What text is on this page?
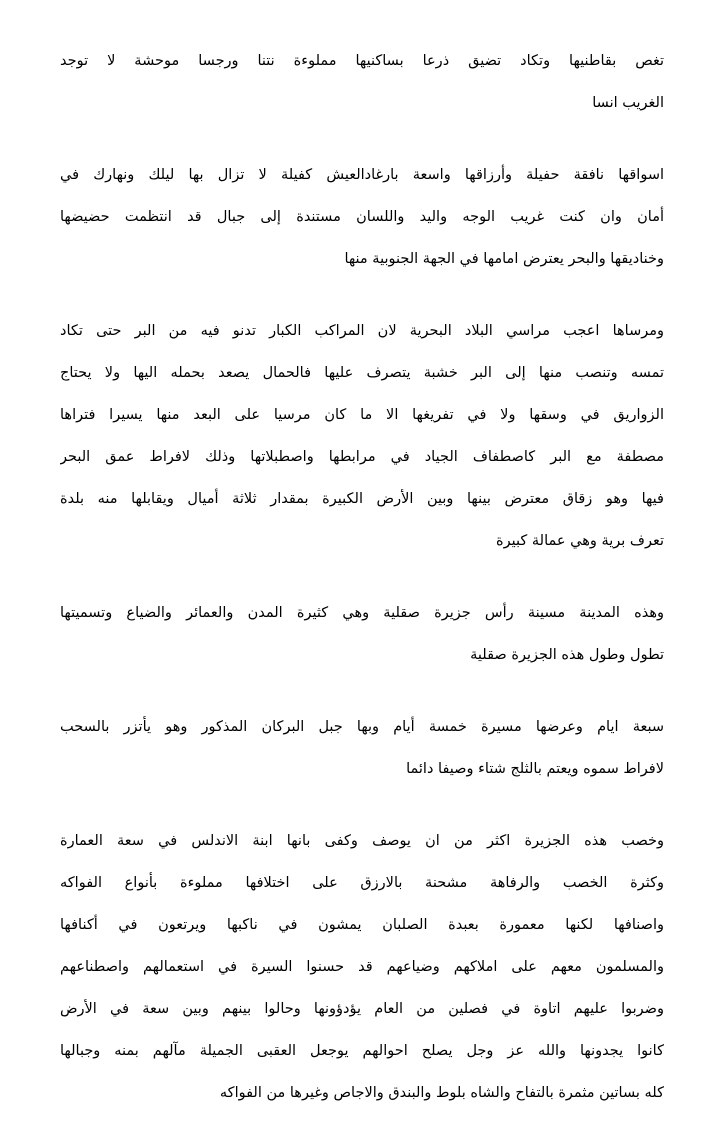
تغص بقاطنيها وتكاد تضيق ذرعا بساكنيها مملوءة نتنا ورجسا موحشة لا توجد
الغريب انسا
اسواقها نافقة حفيلة وأرزاقها واسعة بارغادالعيش كفيلة لا تزال بها ليلك ونهارك في
أمان وان كنت غريب الوجه واليد واللسان مستندة إلى جبال قد انتظمت حضيضها
وخناديقها والبحر يعترض امامها في الجهة الجنوبية منها
ومرساها اعجب مراسي البلاد البحرية لان المراكب الكبار تدنو فيه من البر حتى تكاد
تمسه وتنصب منها إلى البر خشبة يتصرف عليها فالحمال يصعد بحمله اليها ولا يحتاج
الزواريق في وسقها ولا في تفريغها الا ما كان مرسيا على البعد منها يسيرا فتراها
مصطفة مع البر كاصطفاف الجياد في مرابطها واصطبلاتها وذلك لافراط عمق البحر
فيها وهو زقاق معترض بينها وبين الأرض الكبيرة بمقدار ثلاثة أميال ويقابلها منه بلدة
تعرف برية وهي عمالة كبيرة
وهذه المدينة مسينة رأس جزيرة صقلية وهي كثيرة المدن والعمائر والضياع وتسميتها
تطول وطول هذه الجزيرة صقلية
سبعة ايام وعرضها مسيرة خمسة أيام وبها جبل البركان المذكور وهو يأتزر بالسحب
لافراط سموه ويعتم بالثلج شتاء وصيفا دائما
وخصب هذه الجزيرة اكثر من ان يوصف وكفى بانها ابنة الاندلس في سعة العمارة
وكثرة الخصب والرفاهة مشحنة بالارزق على اختلافها مملوءة بأنواع الفواكه
واصنافها لكنها معمورة بعبدة الصلبان يمشون في ناكبها ويرتعون في أكنافها
والمسلمون معهم على املاكهم وضياعهم قد حسنوا السيرة في استعمالهم واصطناعهم
وضربوا عليهم اتاوة في فصلين من العام يؤدؤونها وحالوا بينهم وبين سعة في الأرض
كانوا يجدونها والله عز وجل يصلح احوالهم يوجعل العقبى الجميلة مآلهم بمنه وجبالها
كله بساتين مثمرة بالتفاح والشاه بلوط والبندق والاجاص وغيرها من الفواكه
